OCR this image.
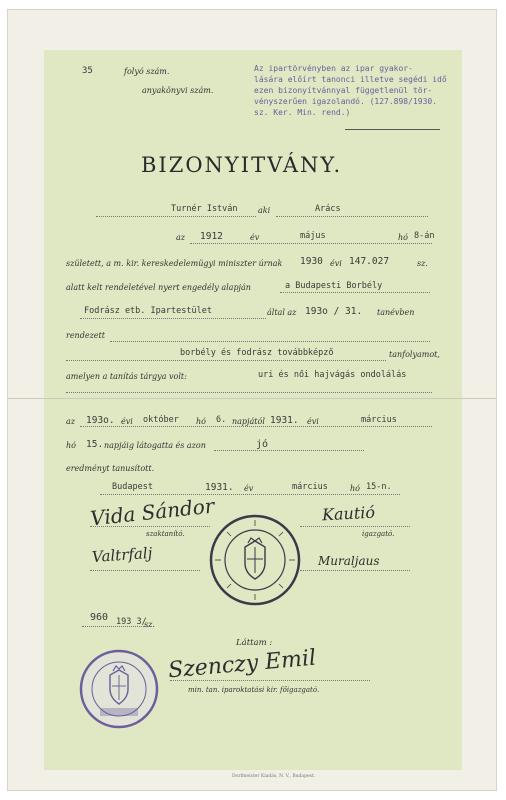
35	folyó szám.
anyakönyvi szám.
Az ipartörvényben az ipar gyakor-
lására előírt tanonci illetve segédi idő
ezen bizonyítvánnyal függetlenül tör-
vényszerűen igazolandó. (127.898/1930.
sz. Ker. Min. rend.)
BIZONYITVÁNY.
Turnér István	aki	Arács
az 1912	év	május	hó 8-án
született, a m. kir. kereskedelemügyi miniszter úrnak 1930 évi 147.027	sz.
alatt kelt rendeletével nyert engedély alapján	a Budapesti Borbély
Fodrász etb. Ipartestület	által az 193o / 31. tanévben
rendezett
borbély és fodrász továbbképző	tanfolyamot,
amelyen a tanítás tárgya volt:	uri és női hajvágás ondolálás
az 193o. évi október hó 6. napjától 1931. évi	március
hó 15. napjáig látogatta és azon	jó
eredményt tanusított.
Budapest	1931. év	március	hó 15-n.
Vida Sándor
szaktanító.
Kautió
igazgató.
Valtrfalj	Muraljaus
960 193 3/
sz.
Láttam :
Szenczy Emil
min. tan. iparoktatási kir. főigazgató.
Dorfmeister Kiadás, N. V., Budapest.
